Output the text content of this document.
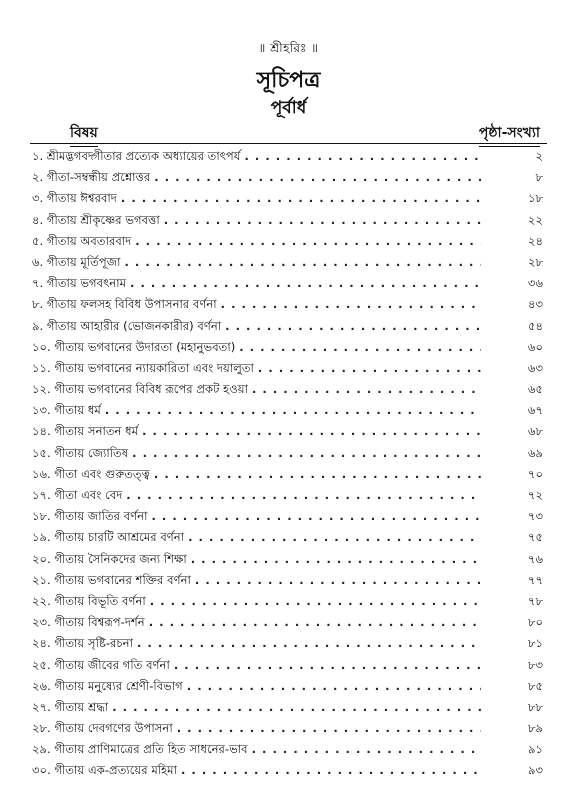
॥ শ্রীহরিঃ ॥
সূচিপত্র
পূর্বার্ধ
বিষয়	পৃষ্ঠা-সংখ্যা
১. শ্রীমদ্ভগবদ্গীতার প্রত্যেক অধ্যায়ের তাৎপর্য . . .	২
২. গীতা-সম্বন্ধীয় প্রশ্নোত্তর . . .	৮
৩. গীতায় ঈশ্বরবাদ . . .	১৮
৪. গীতায় শ্রীকৃষ্ণের ভগবত্তা . . .	২২
৫. গীতায় অবতারবাদ . . .	২৪
৬. গীতায় মূর্তিপূজা . . .	২৮
৭. গীতায় ভগবৎনাম . . .	৩৬
৮. গীতায় ফলসহ বিবিধ উপাসনার বর্ণনা . . .	৪৩
৯. গীতায় আহারীর (ভোজনকারীর) বর্ণনা . . .	৫৪
১০. গীতায় ভগবানের উদারতা (মহানুভবতা) . . .	৬০
১১. গীতায় ভগবানের ন্যায়কারিতা এবং দয়ালুতা . . .	৬৩
১২. গীতায় ভগবানের বিবিধ রূপের প্রকট হওয়া . . .	৬৫
১৩. গীতায় ধর্ম . . .	৬৭
১৪. গীতায় সনাতন ধর্ম . . .	৬৮
১৫. গীতায় জ্যোতিষ . . .	৬৯
১৬. গীতা এবং গুরুতত্ত্ব . . .	৭০
১৭. গীতা এবং বেদ . . .	৭২
১৮. গীতায় জাতির বর্ণনা . . .	৭৩
১৯. গীতায় চারটি আশ্রমের বর্ণনা . . .	৭৫
২০. গীতায় সৈনিকদের জন্য শিক্ষা . . .	৭৬
২১. গীতায় ভগবানের শক্তির বর্ণনা . . .	৭৭
২২. গীতায় বিভূতি বর্ণনা . . .	৭৮
২৩. গীতায় বিশ্বরূপ-দর্শন . . .	৮০
২৪. গীতায় সৃষ্টি-রচনা . . .	৮১
২৫. গীতায় জীবের গতি বর্ণনা . . .	৮৩
২৬. গীতায় মনুষ্যের শ্রেণী-বিভাগ . . .	৮৫
২৭. গীতায় শ্রদ্ধা . . .	৮৮
২৮. গীতায় দেবগণের উপাসনা . . .	৮৯
২৯. গীতায় প্রাণিমাত্রের প্রতি হিত সাধনের-ভাব . . .	৯১
৩০. গীতায় এক-প্রত্যয়ের মহিমা . . .	৯৩
